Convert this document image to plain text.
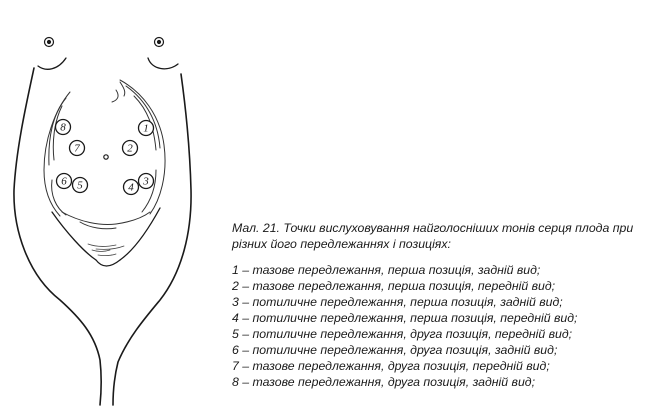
1
2
3
4
5
6
7
8

Мал. 21. Точки вислуховування найголосніших тонів серця плода при різних його передлежаннях і позиціях:

1 – тазове передлежання, перша позиція, задній вид;
2 – тазове передлежання, перша позиція, передній вид;
3 – потиличне передлежання, перша позиція, задній вид;
4 – потиличне передлежання, перша позиція, передній вид;
5 – потиличне передлежання, друга позиція, передній вид;
6 – потиличне передлежання, друга позиція, задній вид;
7 – тазове передлежання, друга позиція, передній вид;
8 – тазове передлежання, друга позиція, задній вид;
